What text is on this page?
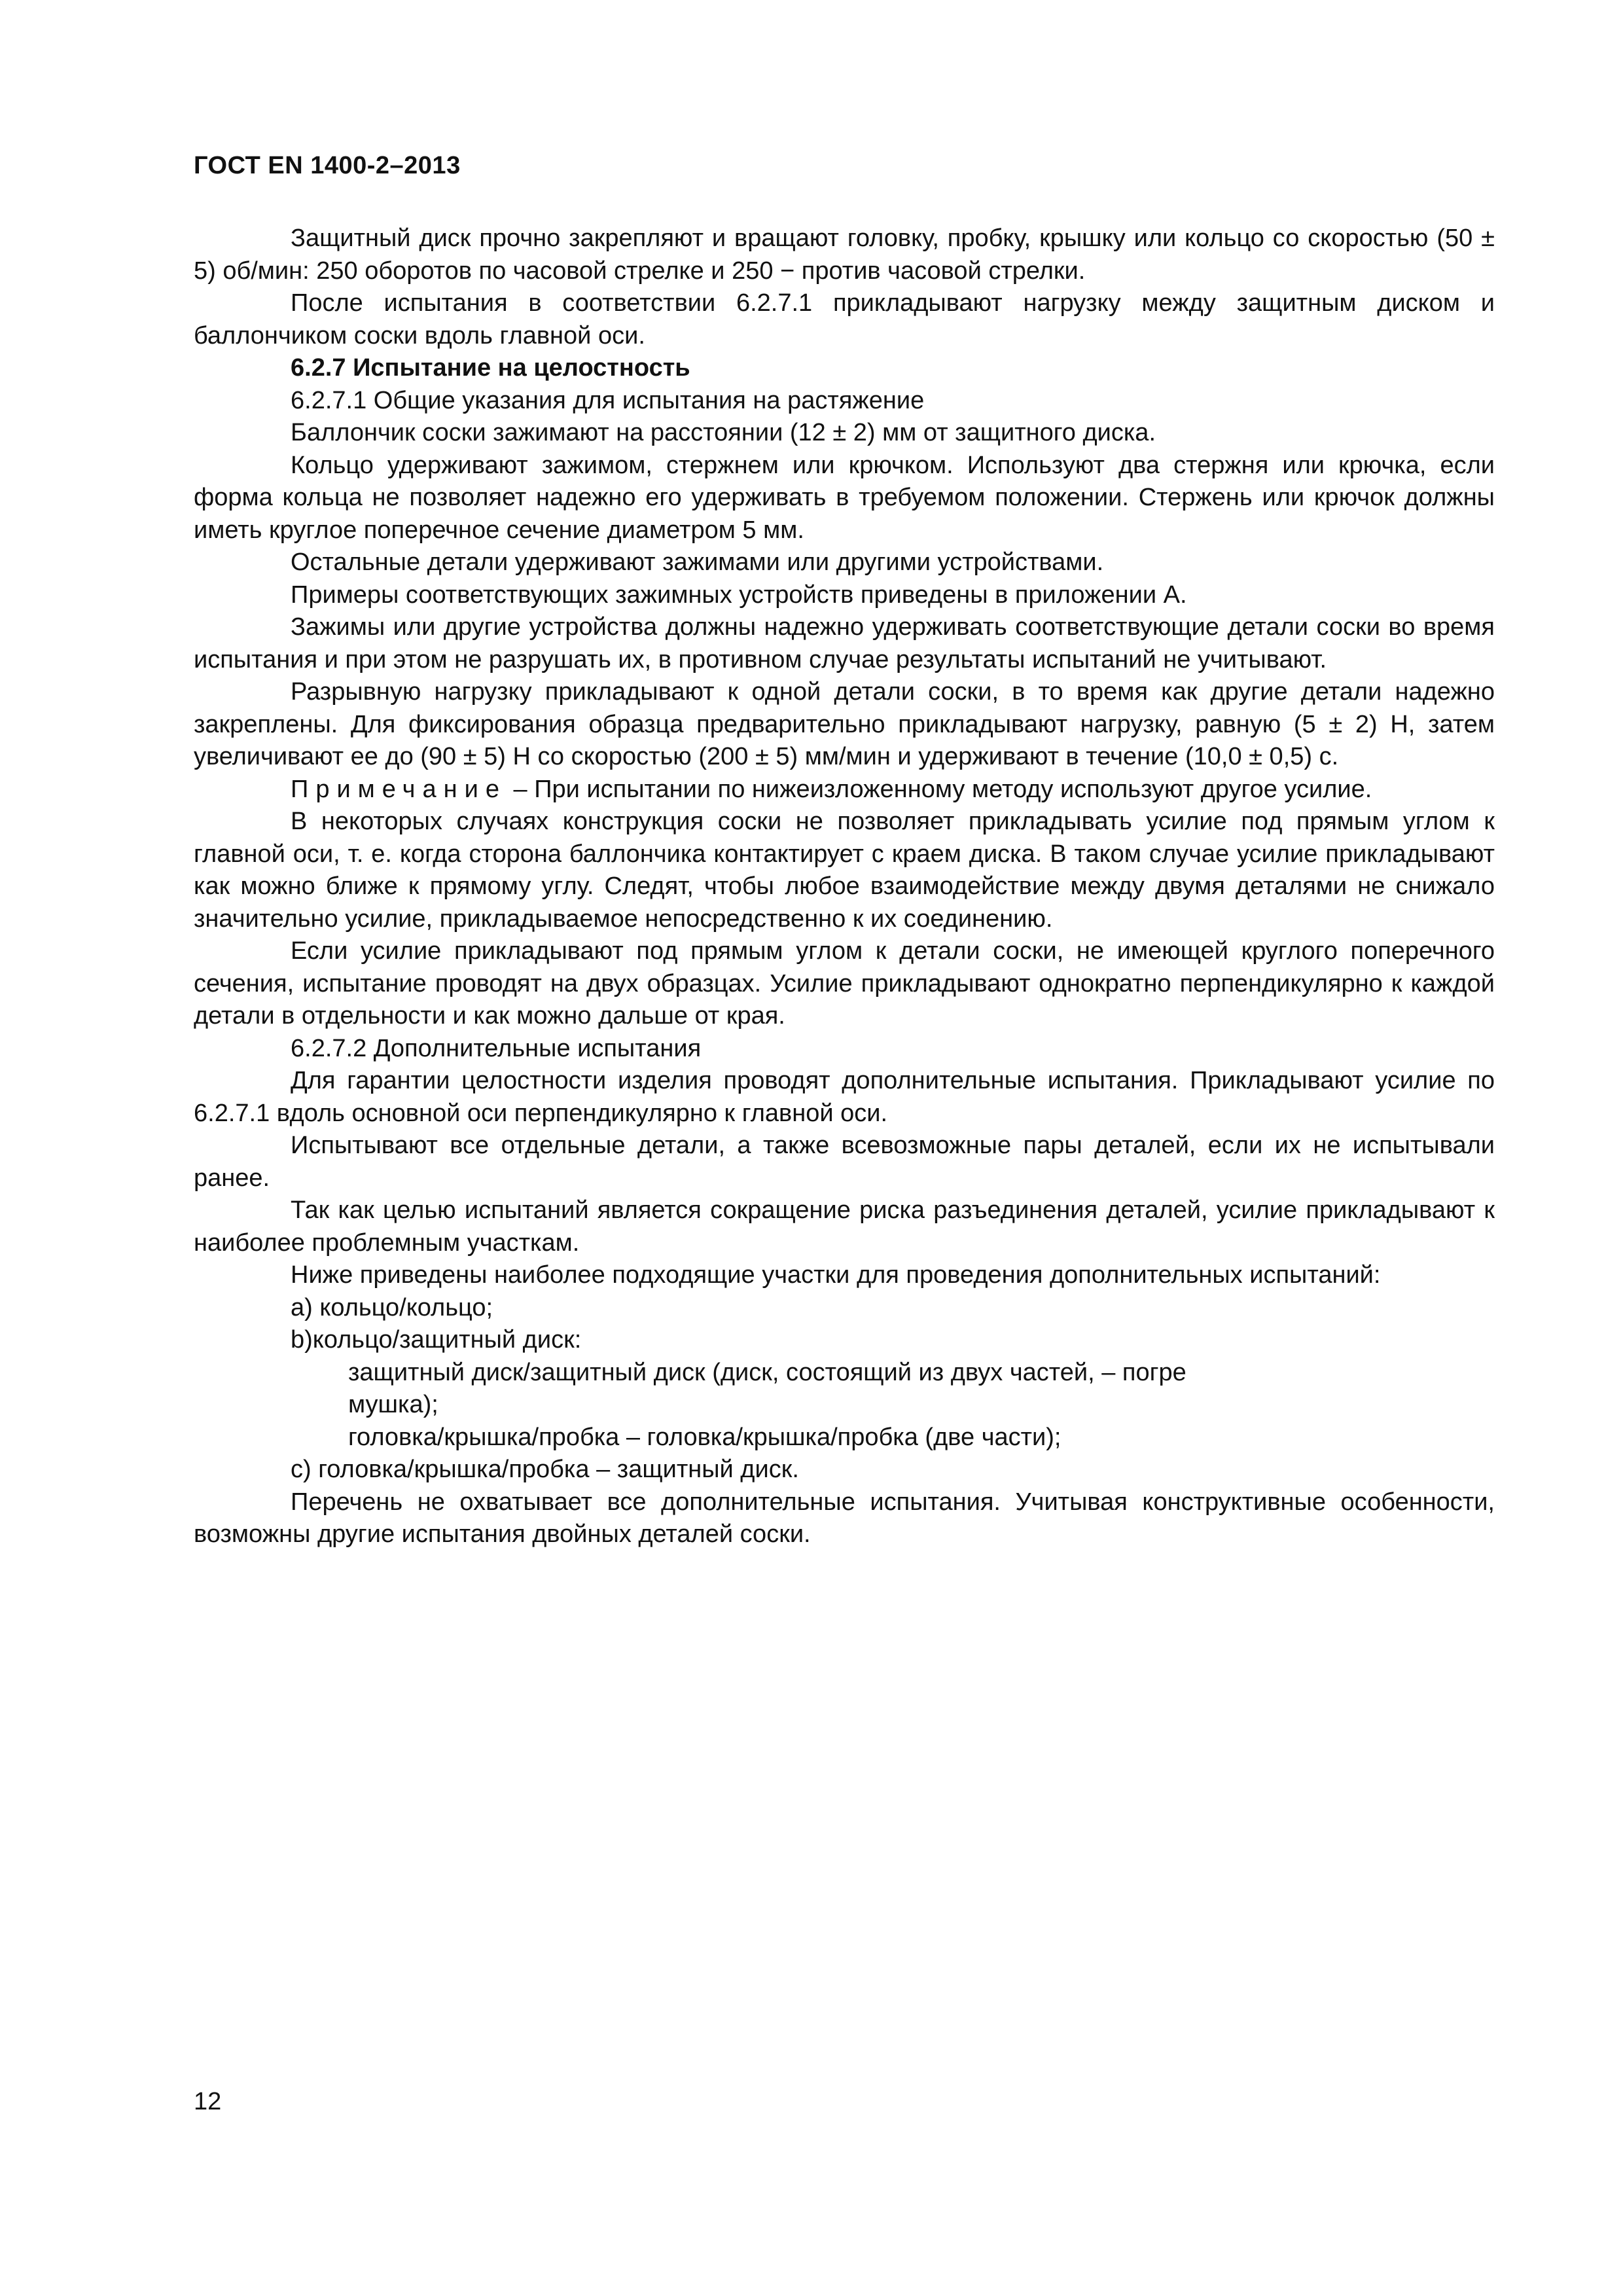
ГОСТ EN 1400-2–2013

Защитный диск прочно закрепляют и вращают головку, пробку, крышку или кольцо со скоростью (50 ± 5) об/мин: 250 оборотов по часовой стрелке и 250 − против часовой стрелки.

После испытания в соответствии 6.2.7.1 прикладывают нагрузку между защитным диском и баллончиком соски вдоль главной оси.

6.2.7 Испытание на целостность

6.2.7.1 Общие указания для испытания на растяжение

Баллончик соски зажимают на расстоянии (12 ± 2) мм от защитного диска.

Кольцо удерживают зажимом, стержнем или крючком. Используют два стержня или крючка, если форма кольца не позволяет надежно его удерживать в требуемом положении. Стержень или крючок должны иметь круглое поперечное сечение диаметром 5 мм.

Остальные детали удерживают зажимами или другими устройствами.

Примеры соответствующих зажимных устройств приведены в приложении А.

Зажимы или другие устройства должны надежно удерживать соответствующие детали соски во время испытания и при этом не разрушать их, в противном случае результаты испытаний не учитывают.

Разрывную нагрузку прикладывают к одной детали соски, в то время как другие детали надежно закреплены. Для фиксирования образца предварительно прикладывают нагрузку, равную (5 ± 2) Н, затем увеличивают ее до (90 ± 5) Н со скоростью (200 ± 5) мм/мин и удерживают в течение (10,0 ± 0,5) с.

Примечание – При испытании по нижеизложенному методу используют другое усилие.

В некоторых случаях конструкция соски не позволяет прикладывать усилие под прямым углом к главной оси, т. е. когда сторона баллончика контактирует с краем диска. В таком случае усилие прикладывают как можно ближе к прямому углу. Следят, чтобы любое взаимодействие между двумя деталями не снижало значительно усилие, прикладываемое непосредственно к их соединению.

Если усилие прикладывают под прямым углом к детали соски, не имеющей круглого поперечного сечения, испытание проводят на двух образцах. Усилие прикладывают однократно перпендикулярно к каждой детали в отдельности и как можно дальше от края.

6.2.7.2 Дополнительные испытания

Для гарантии целостности изделия проводят дополнительные испытания. Прикладывают усилие по 6.2.7.1 вдоль основной оси перпендикулярно к главной оси.

Испытывают все отдельные детали, а также всевозможные пары деталей, если их не испытывали ранее.

Так как целью испытаний является сокращение риска разъединения деталей, усилие прикладывают к наиболее проблемным участкам.

Ниже приведены наиболее подходящие участки для проведения дополнительных испытаний:

а) кольцо/кольцо;

b)кольцо/защитный диск:

защитный диск/защитный диск (диск, состоящий из двух частей, – погре

мушка);

головка/крышка/пробка – головка/крышка/пробка (две части);

с) головка/крышка/пробка – защитный диск.

Перечень не охватывает все дополнительные испытания. Учитывая конструктивные особенности, возможны другие испытания двойных деталей соски.

12
